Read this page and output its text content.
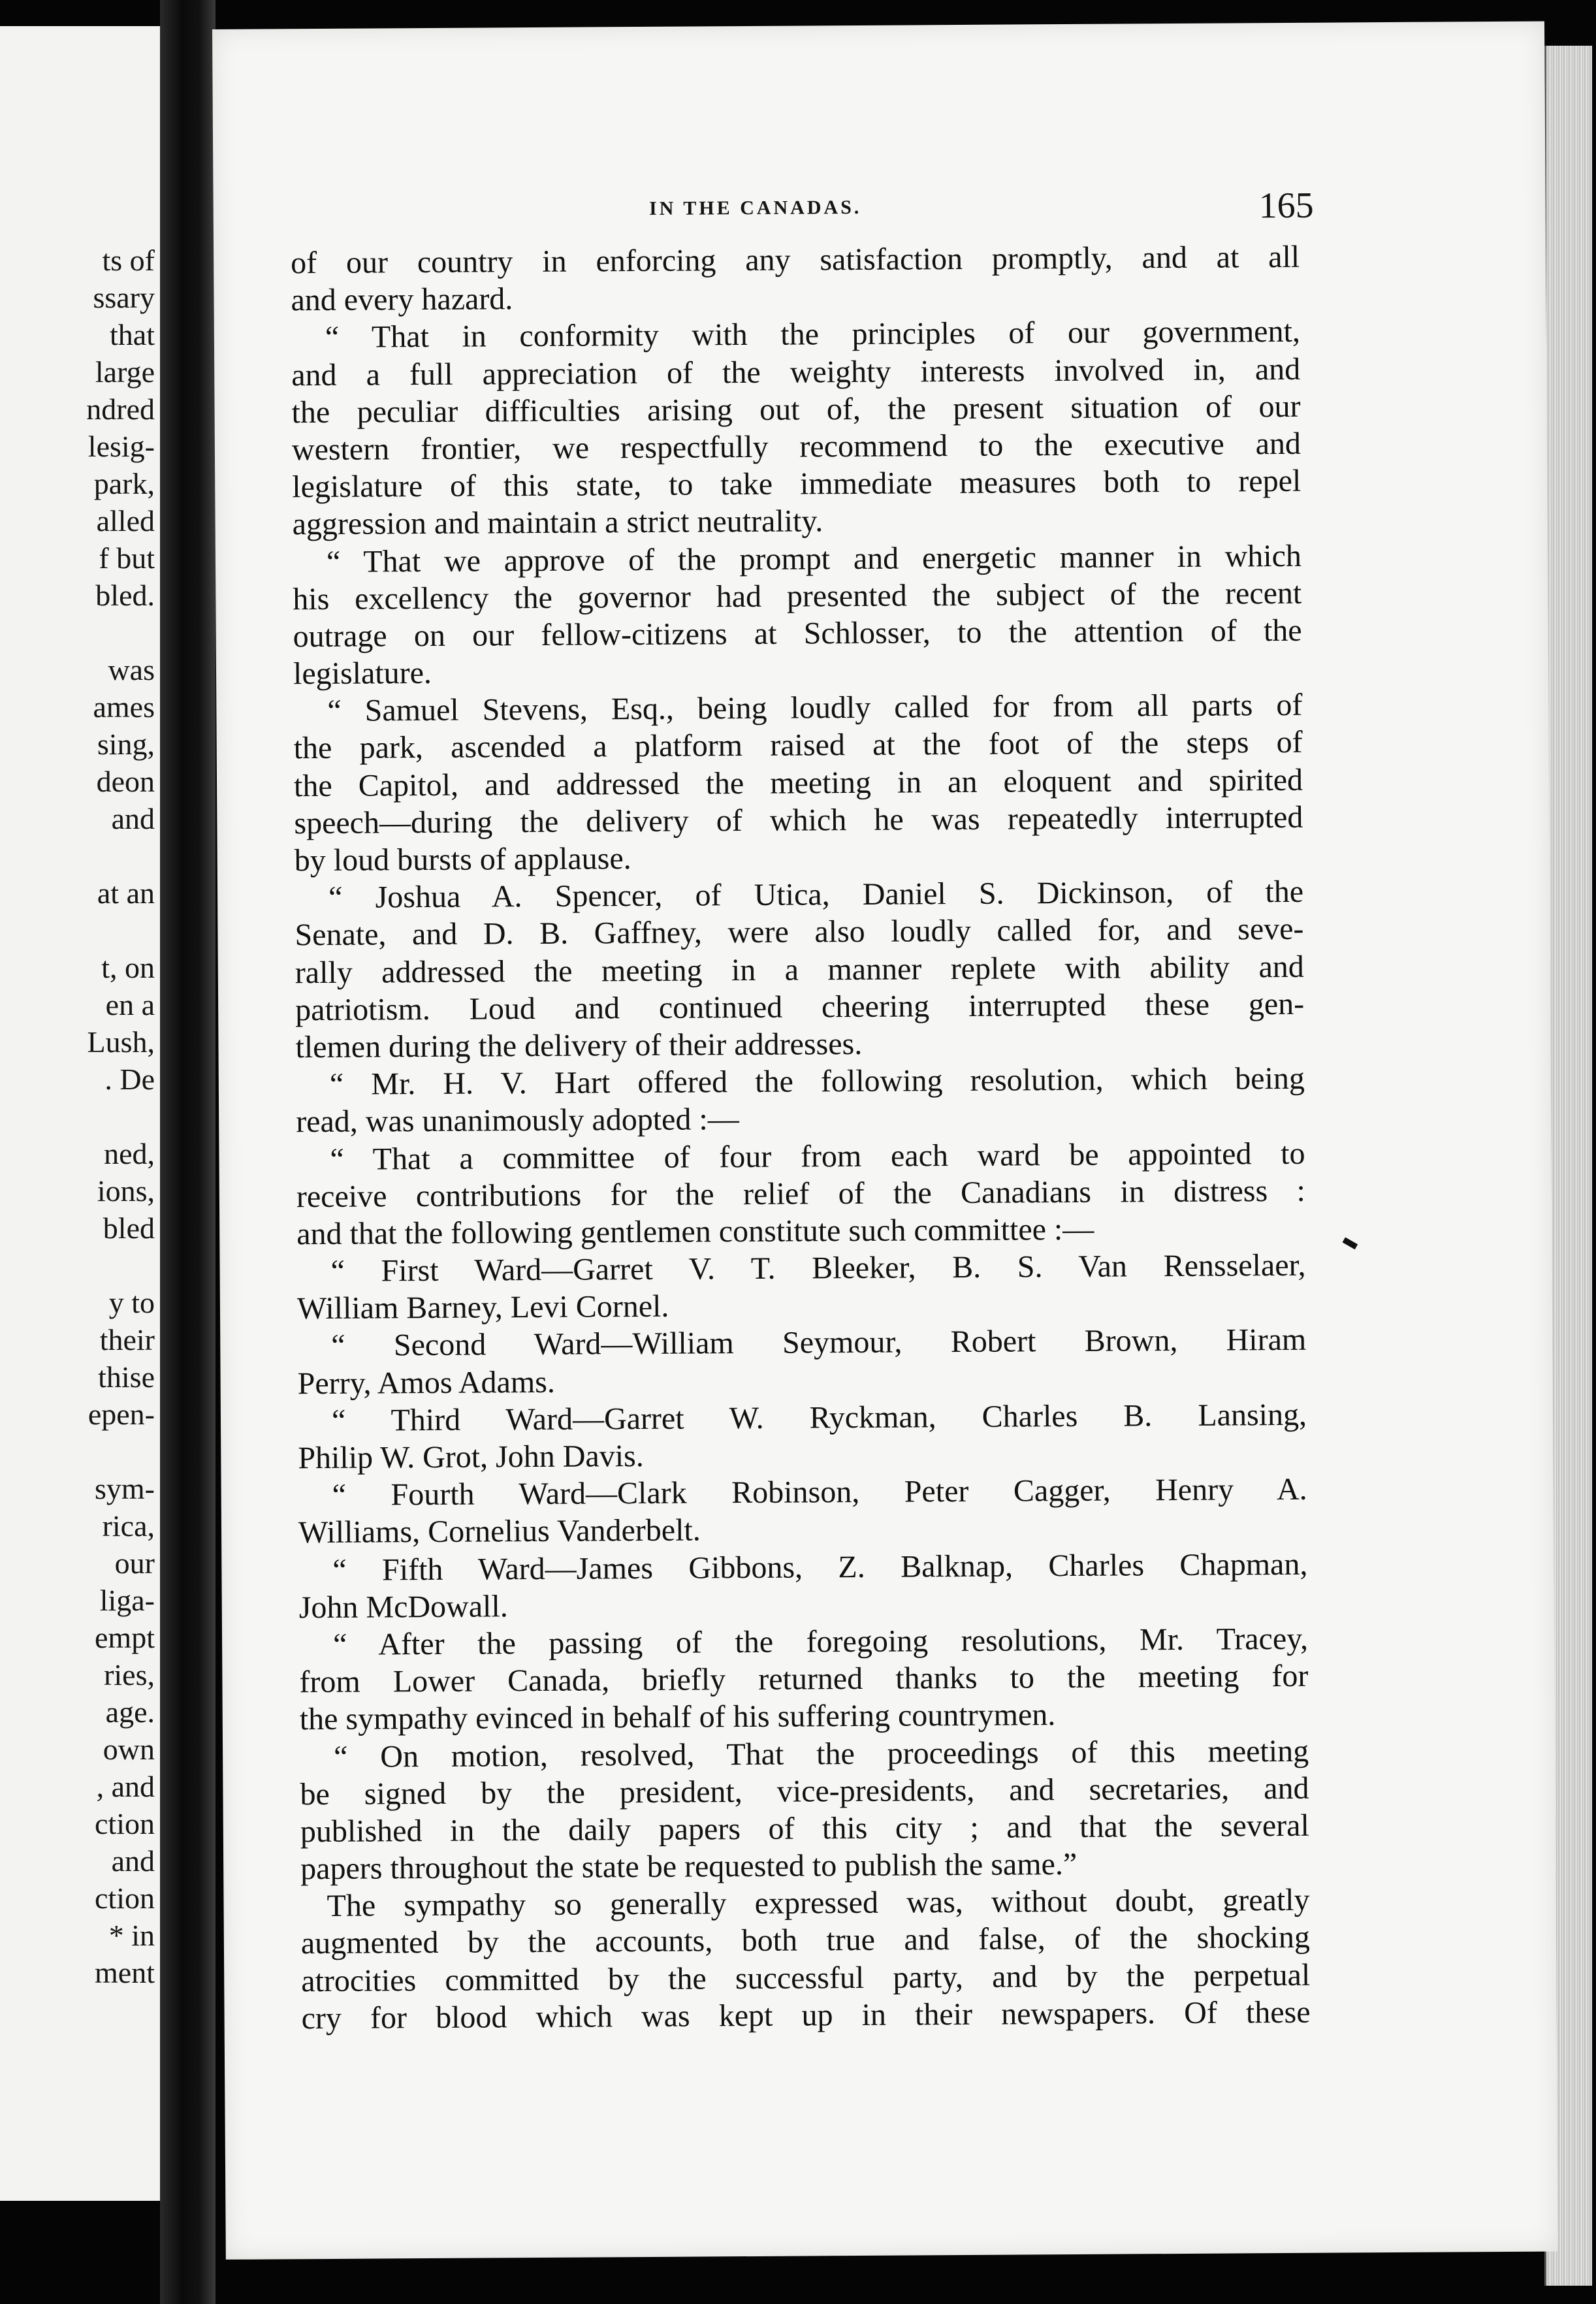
ts of
ssary
that
large
ndred
lesig-
park,
alled
f but
bled.
was
ames
sing,
deon
and
at an
t, on
en a
Lush,
. De
ned,
ions,
bled
y to
their
thise
epen-
sym-
rica,
our
liga-
empt
ries,
age.
own
, and
ction
and
ction
* in
ment
IN THE CANADAS.	165
of our country in enforcing any satisfaction promptly, and at all
and every hazard.
“ That in conformity with the principles of our government,
and a full appreciation of the weighty interests involved in, and
the peculiar difficulties arising out of, the present situation of our
western frontier, we respectfully recommend to the executive and
legislature of this state, to take immediate measures both to repel
aggression and maintain a strict neutrality.
“ That we approve of the prompt and energetic manner in which
his excellency the governor had presented the subject of the recent
outrage on our fellow-citizens at Schlosser, to the attention of the
legislature.
“ Samuel Stevens, Esq., being loudly called for from all parts of
the park, ascended a platform raised at the foot of the steps of
the Capitol, and addressed the meeting in an eloquent and spirited
speech—during the delivery of which he was repeatedly interrupted
by loud bursts of applause.
“ Joshua A. Spencer, of Utica, Daniel S. Dickinson, of the
Senate, and D. B. Gaffney, were also loudly called for, and seve-
rally addressed the meeting in a manner replete with ability and
patriotism. Loud and continued cheering interrupted these gen-
tlemen during the delivery of their addresses.
“ Mr. H. V. Hart offered the following resolution, which being
read, was unanimously adopted :—
“ That a committee of four from each ward be appointed to
receive contributions for the relief of the Canadians in distress :
and that the following gentlemen constitute such committee :—
“ First Ward—Garret V. T. Bleeker, B. S. Van Rensselaer,
William Barney, Levi Cornel.
“ Second Ward—William Seymour, Robert Brown, Hiram
Perry, Amos Adams.
“ Third Ward—Garret W. Ryckman, Charles B. Lansing,
Philip W. Grot, John Davis.
“ Fourth Ward—Clark Robinson, Peter Cagger, Henry A.
Williams, Cornelius Vanderbelt.
“ Fifth Ward—James Gibbons, Z. Balknap, Charles Chapman,
John McDowall.
“ After the passing of the foregoing resolutions, Mr. Tracey,
from Lower Canada, briefly returned thanks to the meeting for
the sympathy evinced in behalf of his suffering countrymen.
“ On motion, resolved, That the proceedings of this meeting
be signed by the president, vice-presidents, and secretaries, and
published in the daily papers of this city ; and that the several
papers throughout the state be requested to publish the same.”
The sympathy so generally expressed was, without doubt, greatly
augmented by the accounts, both true and false, of the shocking
atrocities committed by the successful party, and by the perpetual
cry for blood which was kept up in their newspapers. Of these
